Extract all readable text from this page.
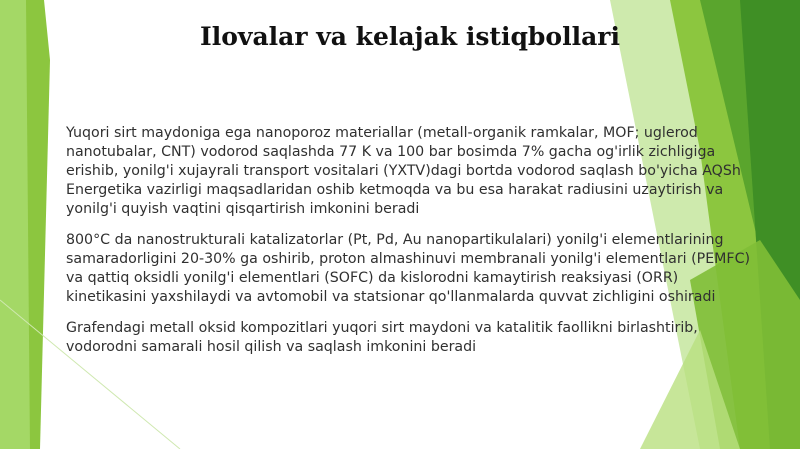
Ilovalar va kelajak istiqbollari

Yuqori sirt maydoniga ega nanoporoz materiallar (metall-organik ramkalar, MOF; uglerod nanotubalar, CNT) vodorod saqlashda 77 K va 100 bar bosimda 7% gacha og'irlik zichligiga erishib, yonilg'i xujayrali transport vositalari (YXTV)dagi bortda vodorod saqlash bo'yicha AQSh Energetika vazirligi maqsadlaridan oshib ketmoqda va bu esa harakat radiusini uzaytirish va yonilg'i quyish vaqtini qisqartirish imkonini beradi

800°C da nanostrukturali katalizatorlar (Pt, Pd, Au nanopartikulalari) yonilg'i elementlarining samaradorligini 20-30% ga oshirib, proton almashinuvi membranali yonilg'i elementlari (PEMFC) va qattiq oksidli yonilg'i elementlari (SOFC) da kislorodni kamaytirish reaksiyasi (ORR) kinetikasini yaxshilaydi va avtomobil va statsionar qo'llanmalarda quvvat zichligini oshiradi

Grafendagi metall oksid kompozitlari yuqori sirt maydoni va katalitik faollikni birlashtirib, vodorodni samarali hosil qilish va saqlash imkonini beradi
